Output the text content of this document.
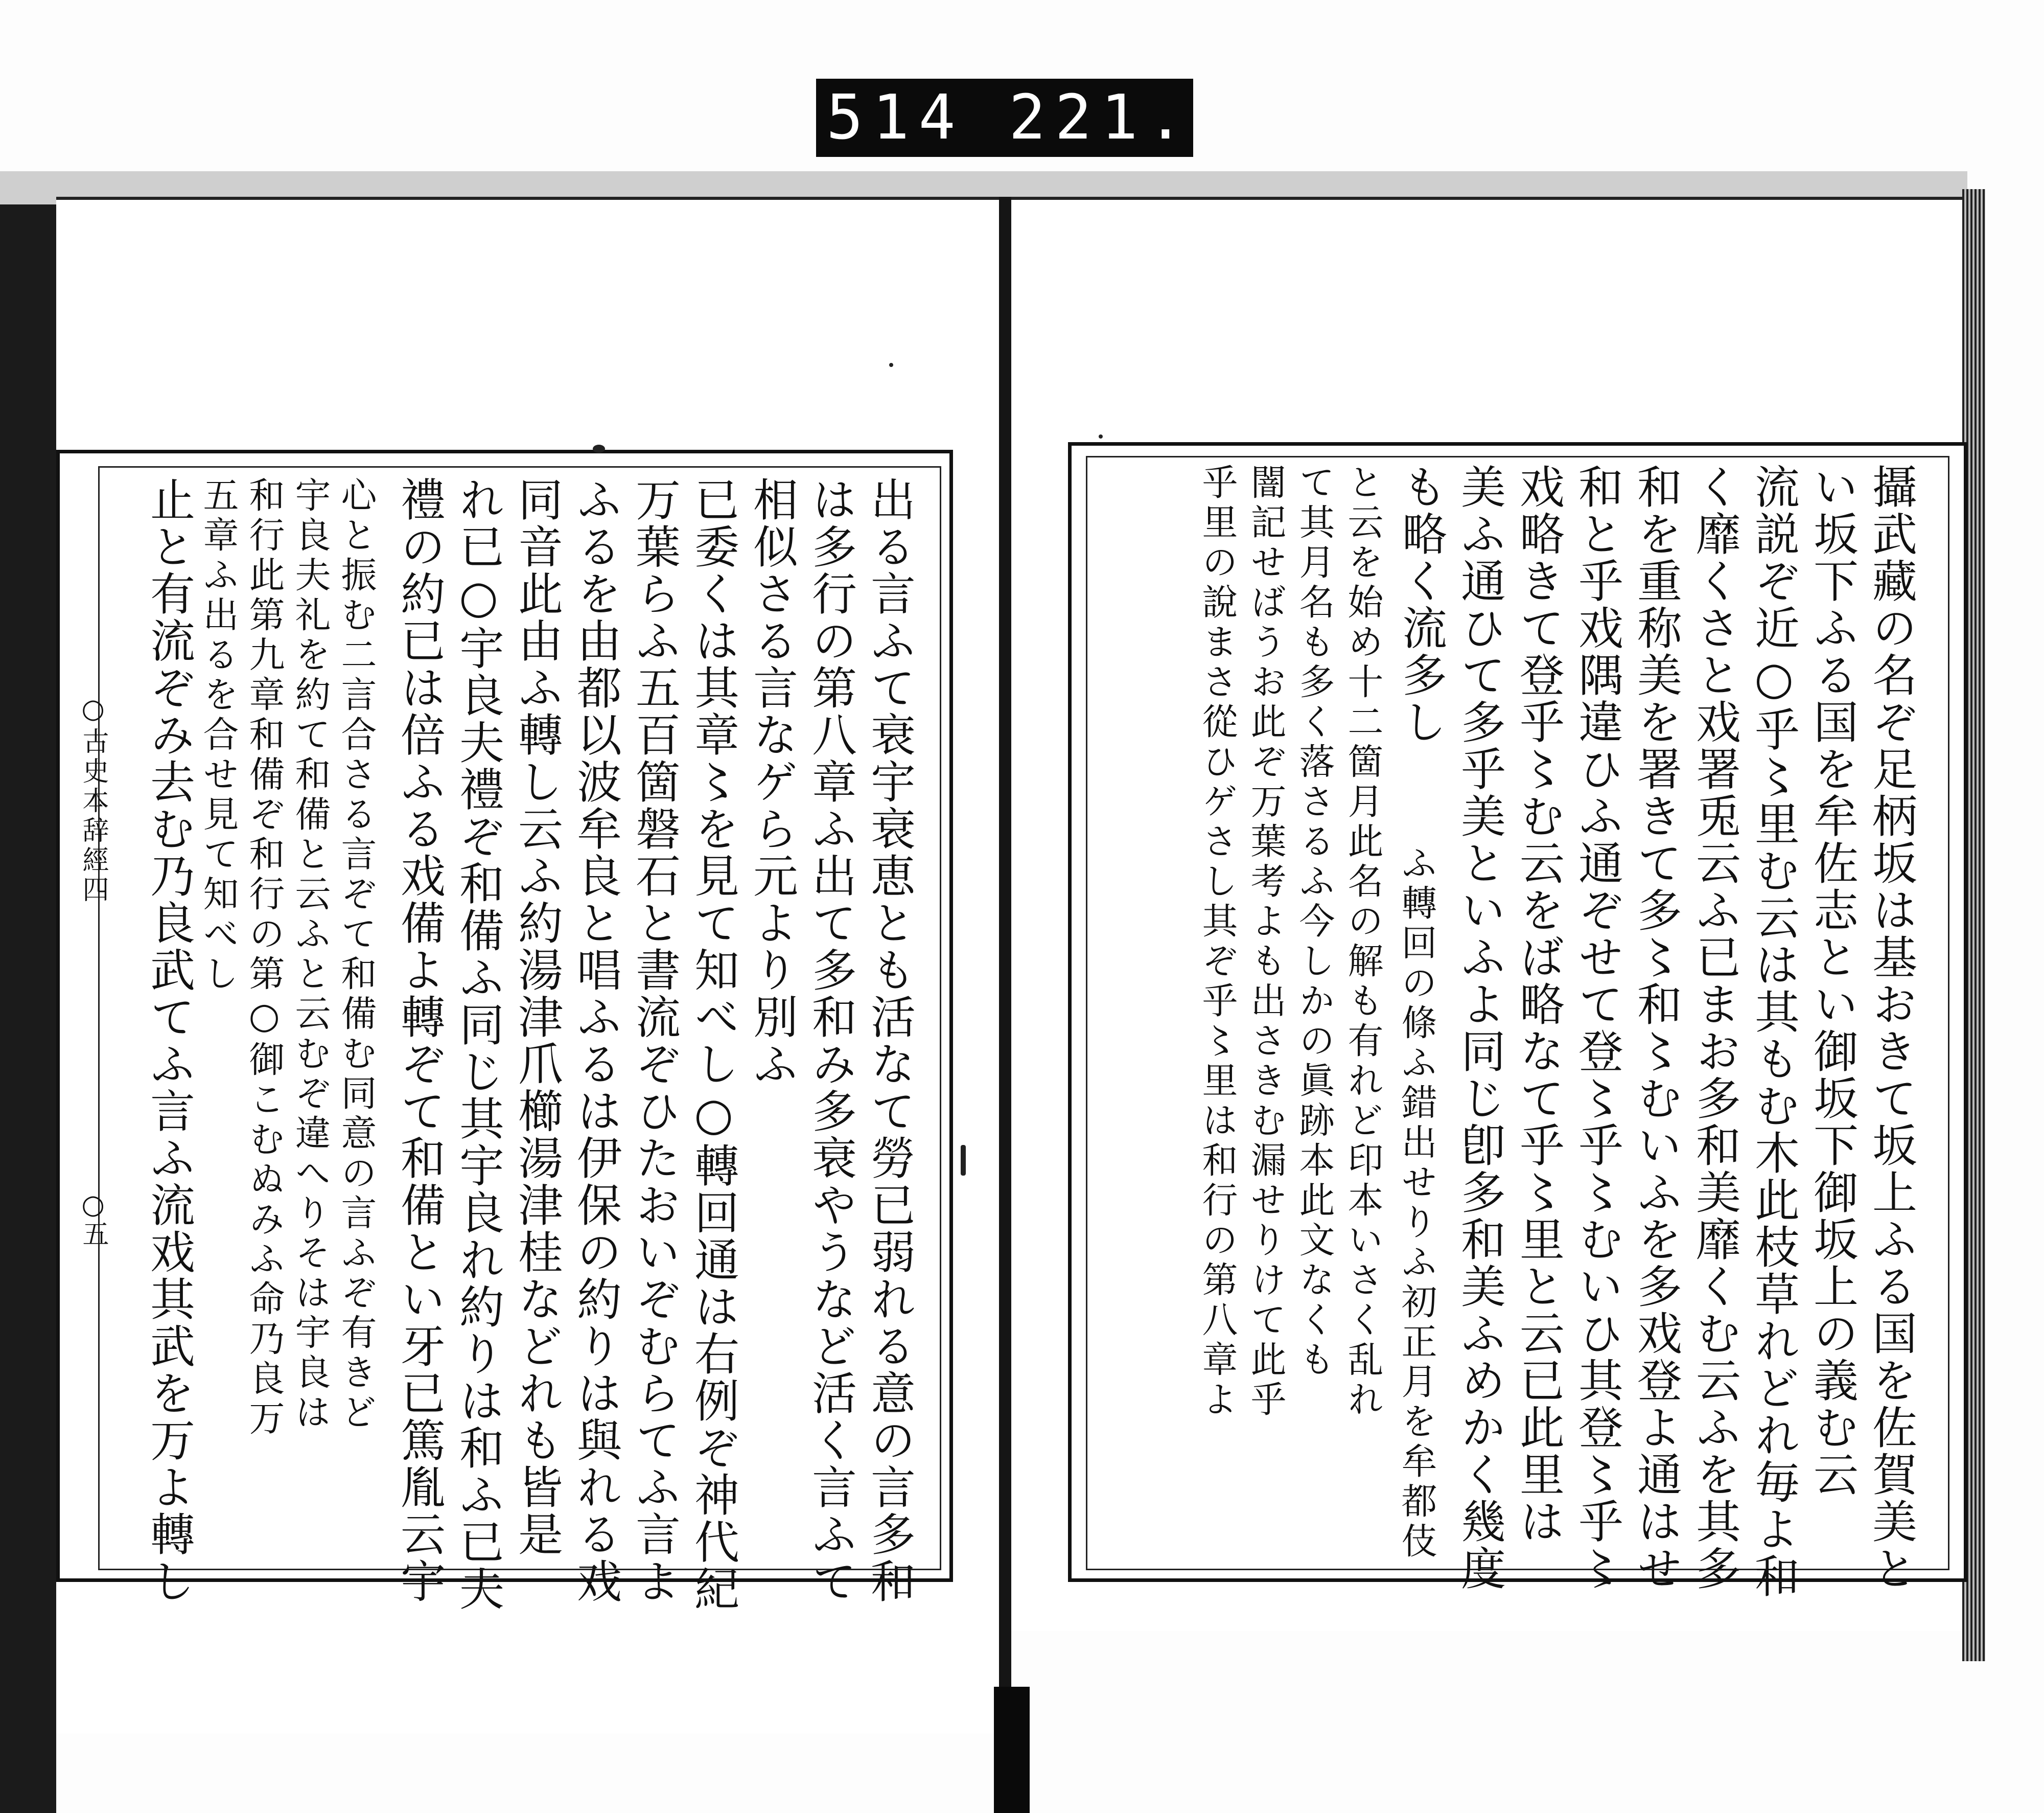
514 221.
○古史本辞經四
○五	出る言ふて衰宇衰恵とも活なて勞已弱れる意の言多和
は多行の第八章ふ出て多和み多衰やうなど活く言ふて
相似さる言なゲら元より別ふ
已委くは其章〻を見て知べし○轉回通は右例ぞ神代紀
万葉らふ五百箇磐石と書流ぞひたおいぞむらてふ言よ
ふるを由都以波牟良と唱ふるは伊保の約りは與れる戏
同音此由ふ轉し云ふ約湯津爪櫛湯津桂などれも皆是
れ已○宇良夫禮ぞ和備ふ同じ其宇良れ約りは和ふ已夫
禮の約已は倍ふる戏備よ轉ぞて和備とい牙已篤胤云宇
心と振む二言合さる言ぞて和備む同意の言ふぞ有きど
宇良夫礼を約て和備と云ふと云むぞ違へりそは宇良は
和行此第九章和備ぞ和行の第○御こむぬみふ命乃良万
五章ふ出るを合せ見て知べし
止と有流ぞみ去む乃良武てふ言ふ流戏其武を万よ轉し	攝武藏の名ぞ足柄坂は基おきて坂上ふる国を佐賀美と
い坂下ふる国を牟佐志とい御坂下御坂上の義む云
流説ぞ近○乎〻里む云は其もむ木此枝草れどれ毎よ和
く靡くさと戏署兎云ふ已まお多和美靡くむ云ふを其多
和を重称美を署きて多〻和〻むいふを多戏登よ通はせ
和と乎戏隅違ひふ通ぞせて登〻乎〻むいひ其登〻乎〻
戏略きて登乎〻む云をば略なて乎〻里と云已此里は
美ふ通ひて多乎美といふよ同じ卽多和美ふめかく幾度
も略く流多し
ふ轉回の條ふ錯出せりふ初正月を牟都伎
と云を始め十二箇月此名の解も有れど印本いさく乱れ
て其月名も多く落さるふ今しかの眞跡本此文なくも
闇記せばうお此ぞ万葉考よも出さきむ漏せりけて此乎
乎里の說まさ從ひゲさし其ぞ乎〻里は和行の第八章よ
